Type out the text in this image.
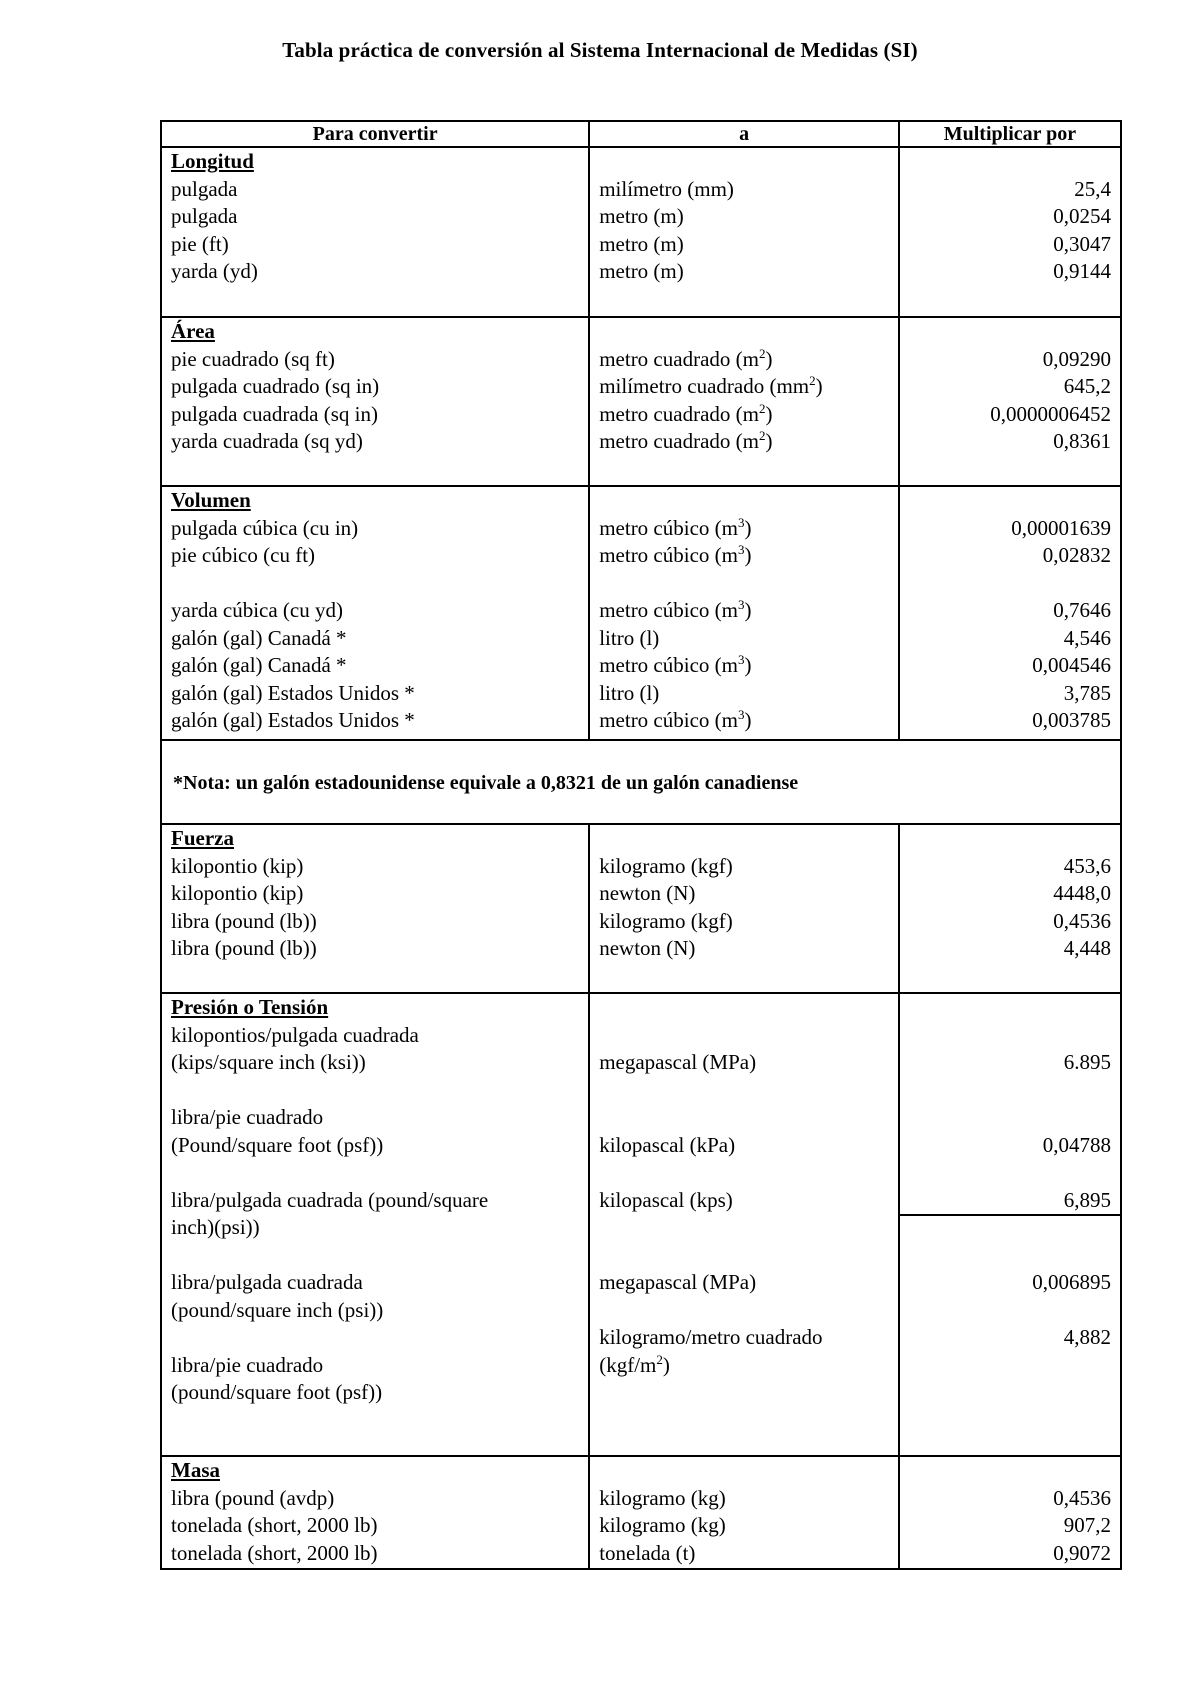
Tabla práctica de conversión al Sistema Internacional de Medidas (SI)
Para convertir	a	Multiplicar por
Longitud
pulgada
pulgada
pie (ft)
yarda (yd)
milímetro (mm)
metro (m)
metro (m)
metro (m)
25,4
0,0254
0,3047
0,9144
Área
pie cuadrado (sq ft)
pulgada cuadrado (sq in)
pulgada cuadrada (sq in)
yarda cuadrada (sq yd)
metro cuadrado $(m^2)$
milímetro cuadrado $(mm^2)$
metro cuadrado $(m^2)$
metro cuadrado $(m^2)$
0,09290
645,2
0,0000006452
0,8361
Volumen
pulgada cúbica (cu in)
pie cúbico (cu ft)
yarda cúbica (cu yd)
galón (gal) Canadá *
galón (gal) Canadá *
galón (gal) Estados Unidos *
galón (gal) Estados Unidos *
metro cúbico $(m^3)$
metro cúbico $(m^3)$
metro cúbico $(m^3)$
litro (l)
metro cúbico $(m^3)$
litro (l)
metro cúbico $(m^3)$
0,00001639
0,02832
0,7646
4,546
0,004546
3,785
0,003785
*Nota: un galón estadounidense equivale a 0,8321 de un galón canadiense
Fuerza
kilopontio (kip)
kilopontio (kip)
libra (pound (lb))
libra (pound (lb))
kilogramo (kgf)
newton (N)
kilogramo (kgf)
newton (N)
453,6
4448,0
0,4536
4,448
Presión o Tensión
kilopontios/pulgada cuadrada
(kips/square inch (ksi))
libra/pie cuadrado
(Pound/square foot (psf))
libra/pulgada cuadrada (pound/square
inch)(psi))
libra/pulgada cuadrada
(pound/square inch (psi))
libra/pie cuadrado
(pound/square foot (psf))
megapascal (MPa)
kilopascal (kPa)
kilopascal (kps)
megapascal (MPa)
kilogramo/metro cuadrado
$(kgf/m^2)$
6.895
0,04788
6,895
0,006895
4,882
Masa
libra (pound (avdp)
tonelada (short, 2000 lb)
tonelada (short, 2000 lb)
kilogramo (kg)
kilogramo (kg)
tonelada (t)
0,4536
907,2
0,9072
